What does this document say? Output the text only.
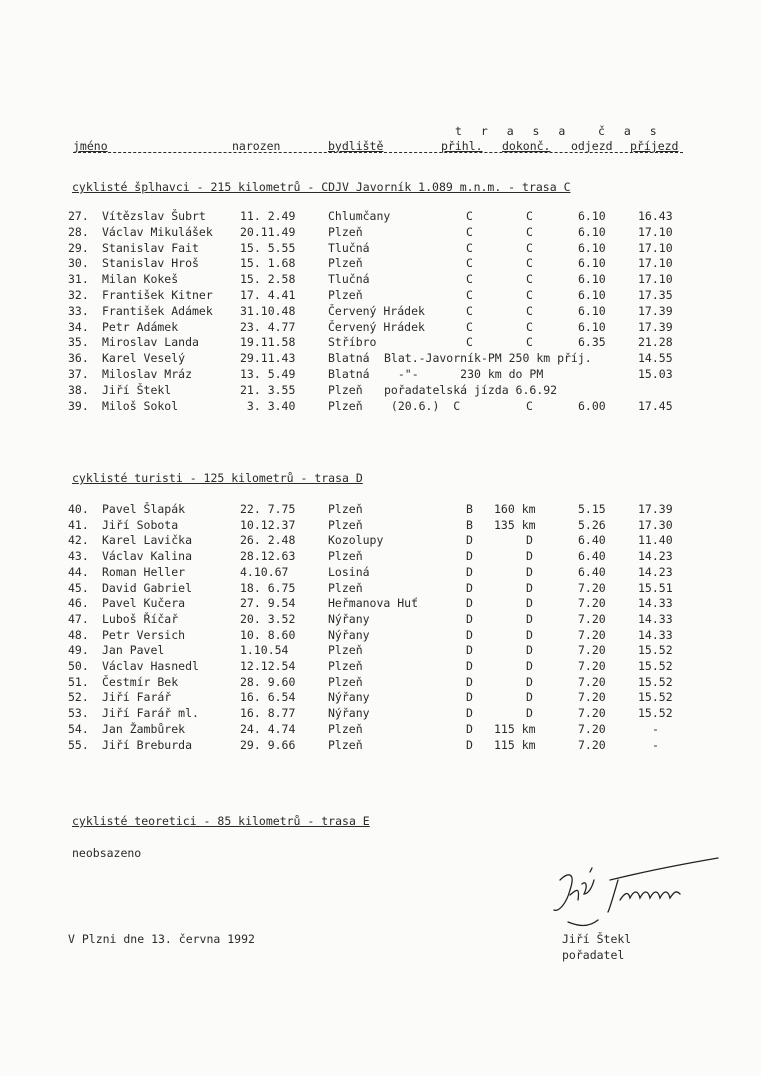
t r a s a č a s
jméno	narozen	bydliště	přihl. dokonč. odjezd příjezd
cyklisté šplhavci - 215 kilometrů - CDJV Javorník 1.089 m.n.m. - trasa C
27. Vítězslav Šubrt	11. 2.49	Chlumčany	C	C	6.10	16.43
28. Václav Mikulášek 20.11.49	Plzeň	C	C	6.10	17.10
29. Stanislav Fait	15. 5.55	Tlučná	C	C	6.10	17.10
30. Stanislav Hroš	15. 1.68	Plzeň	C	C	6.10	17.10
31. Milan Kokeš	15. 2.58	Tlučná	C	C	6.10	17.10
32. František Kitner 17. 4.41	Plzeň	C	C	6.10	17.35
33. František Adámek 31.10.48	Červený Hrádek	C	C	6.10	17.39
34. Petr Adámek	23. 4.77	Červený Hrádek	C	C	6.10	17.39
35. Miroslav Landa	19.11.58	Stříbro	C	C	6.35	21.28
36. Karel Veselý	29.11.43	Blatná Blat.-Javorník-PM 250 km příj.	14.55
37. Miloslav Mráz	13. 5.49	Blatná -"-      230 km do PM	15.03
38. Jiří Štekl	21. 3.55	Plzeň pořadatelská jízda 6.6.92
39. Miloš Sokol	3. 3.40	Plzeň (20.6.)  C	C	6.00	17.45
cyklisté turisti - 125 kilometrů - trasa D
40. Pavel Šlapák	22. 7.75	Plzeň	B 160 km	5.15	17.39
41. Jiří Sobota	10.12.37	Plzeň	B 135 km	5.26	17.30
42. Karel Lavička	26. 2.48	Kozolupy	D	D	6.40	11.40
43. Václav Kalina	28.12.63	Plzeň	D	D	6.40	14.23
44. Roman Heller	4.10.67	Losiná	D	D	6.40	14.23
45. David Gabriel	18. 6.75	Plzeň	D	D	7.20	15.51
46. Pavel Kučera	27. 9.54	Heřmanova Huť	D	D	7.20	14.33
47. Luboš Říčař	20. 3.52	Nýřany	D	D	7.20	14.33
48. Petr Versich	10. 8.60	Nýřany	D	D	7.20	14.33
49. Jan Pavel	1.10.54	Plzeň	D	D	7.20	15.52
50. Václav Hasnedl	12.12.54	Plzeň	D	D	7.20	15.52
51. Čestmír Bek	28. 9.60	Plzeň	D	D	7.20	15.52
52. Jiří Farář	16. 6.54	Nýřany	D	D	7.20	15.52
53. Jiří Farář ml.	16. 8.77	Nýřany	D	D	7.20	15.52
54. Jan Žambůrek	24. 4.74	Plzeň	D 115 km	7.20	-
55. Jiří Breburda	29. 9.66	Plzeň	D 115 km	7.20	-
cyklisté teoretici - 85 kilometrů - trasa E
neobsazeno
V Plzni dne 13. června 1992	Jiří Štekl
pořadatel
